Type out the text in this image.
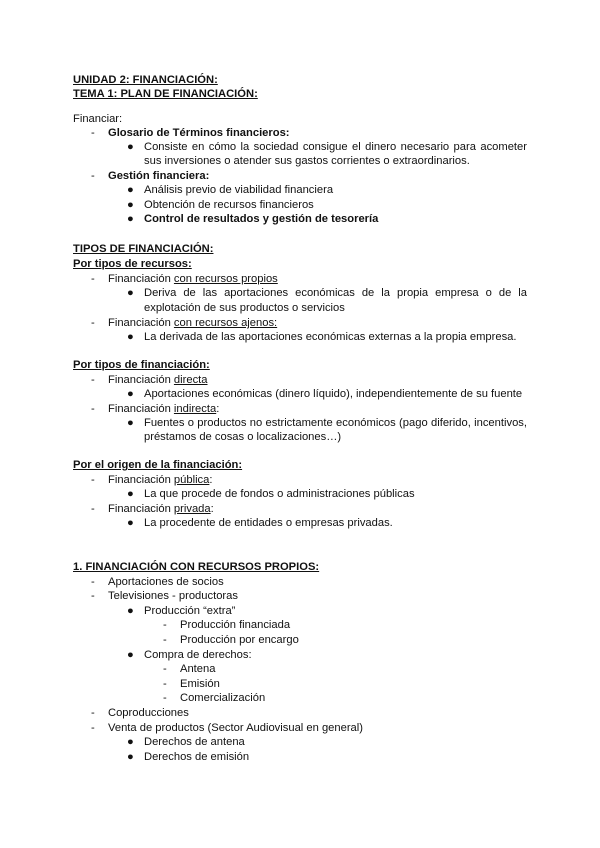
UNIDAD 2: FINANCIACIÓN:
TEMA 1: PLAN DE FINANCIACIÓN:
Financiar:
- Glosario de Términos financieros:
● Consiste en cómo la sociedad consigue el dinero necesario para acometer
sus inversiones o atender sus gastos corrientes o extraordinarios.
- Gestión financiera:
● Análisis previo de viabilidad financiera
● Obtención de recursos financieros
● Control de resultados y gestión de tesorería
TIPOS DE FINANCIACIÓN:
Por tipos de recursos:
- Financiación con recursos propios
● Deriva de las aportaciones económicas de la propia empresa o de la
explotación de sus productos o servicios
- Financiación con recursos ajenos:
● La derivada de las aportaciones económicas externas a la propia empresa.
Por tipos de financiación:
- Financiación directa
● Aportaciones económicas (dinero líquido), independientemente de su fuente
- Financiación indirecta:
● Fuentes o productos no estrictamente económicos (pago diferido, incentivos,
préstamos de cosas o localizaciones…)
Por el origen de la financiación:
- Financiación pública:
● La que procede de fondos o administraciones públicas
- Financiación privada:
● La procedente de entidades o empresas privadas.
1. FINANCIACIÓN CON RECURSOS PROPIOS:
- Aportaciones de socios
- Televisiones - productoras
● Producción “extra”
- Producción financiada
- Producción por encargo
● Compra de derechos:
- Antena
- Emisión
- Comercialización
- Coproducciones
- Venta de productos (Sector Audiovisual en general)
● Derechos de antena
● Derechos de emisión
